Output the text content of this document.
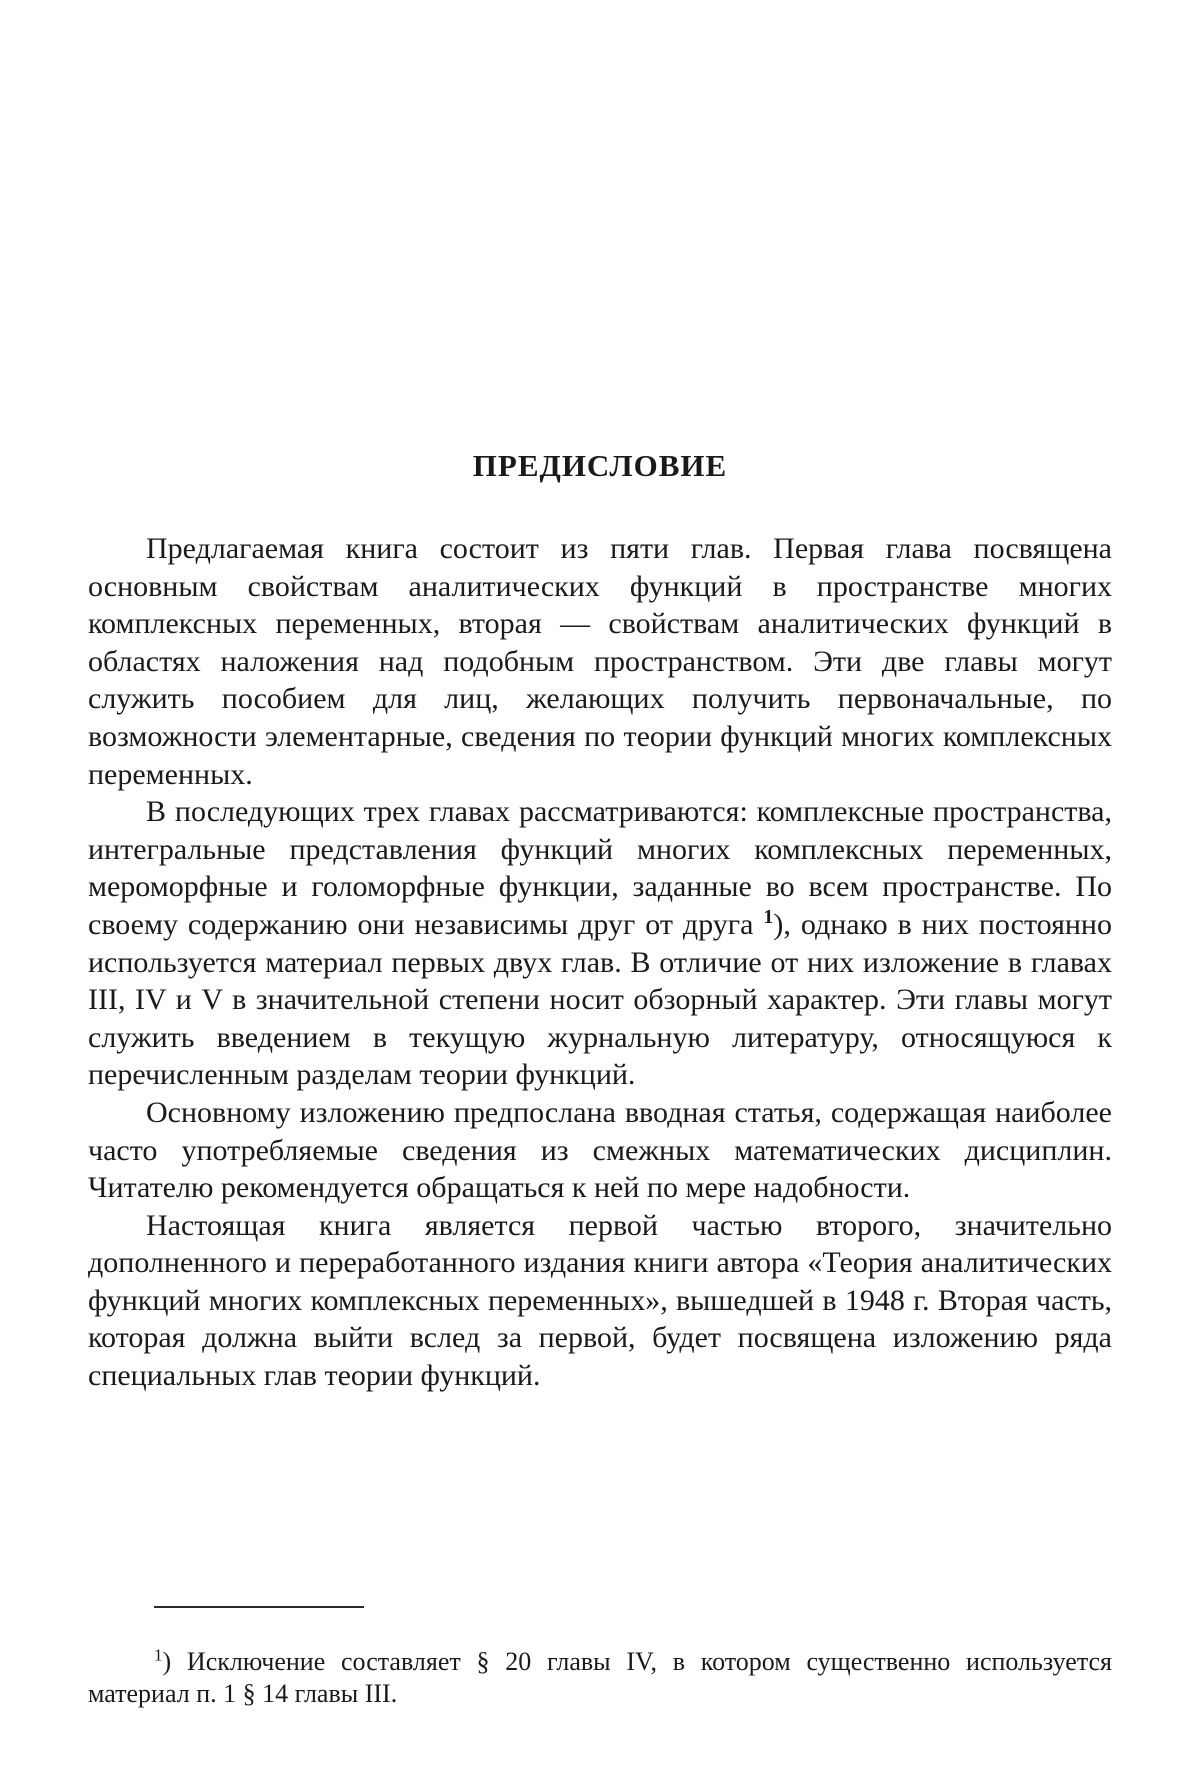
ПРЕДИСЛОВИЕ

Предлагаемая книга состоит из пяти глав. Первая глава посвящена основным свойствам аналитических функций в пространстве многих комплексных переменных, вторая — свойствам аналитических функций в областях наложения над подобным пространством. Эти две главы могут служить пособием для лиц, желающих получить первоначальные, по возможности элементарные, сведения по теории функций многих комплексных переменных.

В последующих трех главах рассматриваются: комплексные пространства, интегральные представления функций многих комплексных переменных, мероморфные и голоморфные функции, заданные во всем пространстве. По своему содержанию они независимы друг от друга $^1$), однако в них постоянно используется материал первых двух глав. В отличие от них изложение в главах III, IV и V в значительной степени носит обзорный характер. Эти главы могут служить введением в текущую журнальную литературу, относящуюся к перечисленным разделам теории функций.

Основному изложению предпослана вводная статья, содержащая наиболее часто употребляемые сведения из смежных математических дисциплин. Читателю рекомендуется обращаться к ней по мере надобности.

Настоящая книга является первой частью второго, значительно дополненного и переработанного издания книги автора «Теория аналитических функций многих комплексных переменных», вышедшей в 1948 г. Вторая часть, которая должна выйти вслед за первой, будет посвящена изложению ряда специальных глав теории функций.

$^1$) Исключение составляет § 20 главы IV, в котором существенно используется материал п. 1 § 14 главы III.
